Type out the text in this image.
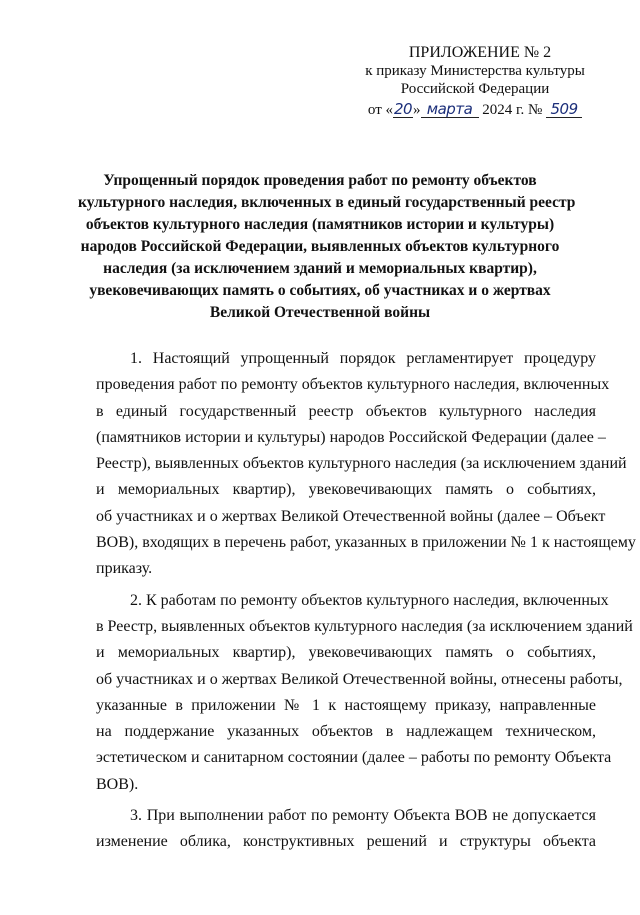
ПРИЛОЖЕНИЕ № 2
к приказу Министерства культуры
Российской Федерации
от «20» марта 2024 г. № 509
Упрощенный порядок проведения работ по ремонту объектов
культурного наследия, включенных в единый государственный реестр
объектов культурного наследия (памятников истории и культуры)
народов Российской Федерации, выявленных объектов культурного
наследия (за исключением зданий и мемориальных квартир),
увековечивающих память о событиях, об участниках и о жертвах
Великой Отечественной войны
1. Настоящий упрощенный порядок регламентирует процедуру
проведения работ по ремонту объектов культурного наследия, включенных
в единый государственный реестр объектов культурного наследия
(памятников истории и культуры) народов Российской Федерации (далее –
Реестр), выявленных объектов культурного наследия (за исключением зданий
и мемориальных квартир), увековечивающих память о событиях,
об участниках и о жертвах Великой Отечественной войны (далее – Объект
ВОВ), входящих в перечень работ, указанных в приложении № 1 к настоящему
приказу.
2. К работам по ремонту объектов культурного наследия, включенных
в Реестр, выявленных объектов культурного наследия (за исключением зданий
и мемориальных квартир), увековечивающих память о событиях,
об участниках и о жертвах Великой Отечественной войны, отнесены работы,
указанные в приложении № 1 к настоящему приказу, направленные
на поддержание указанных объектов в надлежащем техническом,
эстетическом и санитарном состоянии (далее – работы по ремонту Объекта
ВОВ).
3. При выполнении работ по ремонту Объекта ВОВ не допускается
изменение облика, конструктивных решений и структуры объекта
